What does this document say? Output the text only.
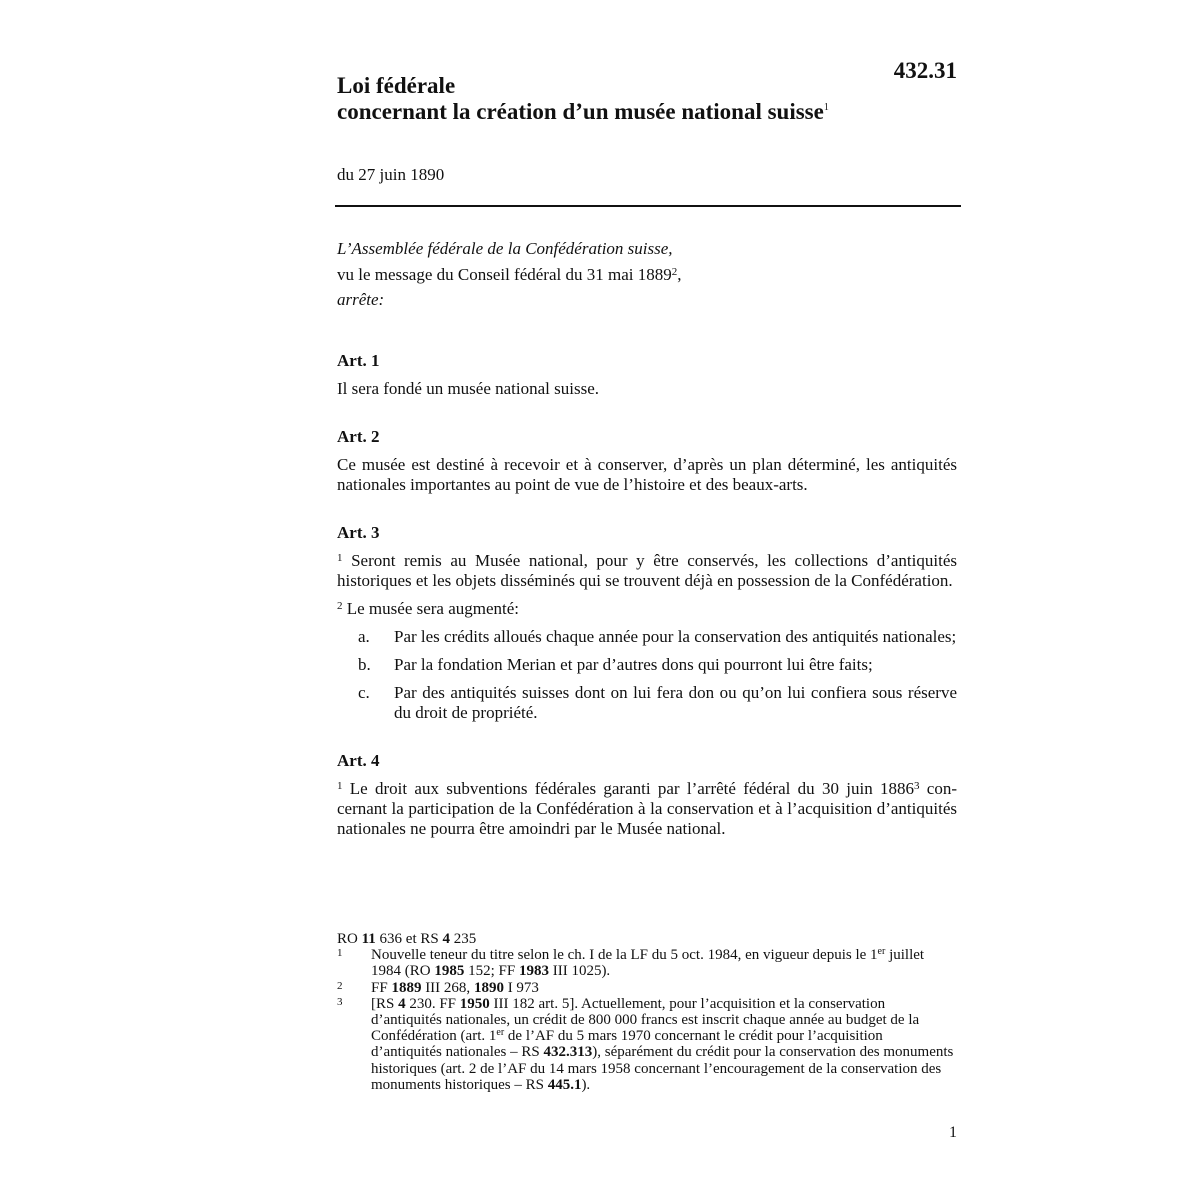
432.31
Loi fédérale
concernant la création d’un musée national suisse$^1$
du 27 juin 1890
L’Assemblée fédérale de la Confédération suisse,
vu le message du Conseil fédéral du 31 mai 1889$^2$,
arrête:

Art. 1

Il sera fondé un musée national suisse.

Art. 2

Ce musée est destiné à recevoir et à conserver, d’après un plan déterminé, les antiquités nationales importantes au point de vue de l’histoire et des beaux-arts.

Art. 3

$^1$ Seront remis au Musée national, pour y être conservés, les collections d’antiquités historiques et les objets disséminés qui se trouvent déjà en possession de la Confédération.

$^2$ Le musée sera augmenté:

a. Par les crédits alloués chaque année pour la conservation des antiquités nationales;
b. Par la fondation Merian et par d’autres dons qui pourront lui être faits;
c. Par des antiquités suisses dont on lui fera don ou qu’on lui confiera sous réserve du droit de propriété.

Art. 4

$^1$ Le droit aux subventions fédérales garanti par l’arrêté fédéral du 30 juin 1886$^3$ concernant la participation de la Confédération à la conservation et à l’acquisition d’antiquités nationales ne pourra être amoindri par le Musée national.

RO 11 636 et RS 4 235

1 Nouvelle teneur du titre selon le ch. I de la LF du 5 oct. 1984, en vigueur depuis le 1er juillet 1984 (RO 1985 152; FF 1983 III 1025).
2 FF 1889 III 268, 1890 I 973
3 [RS 4 230. FF 1950 III 182 art. 5]. Actuellement, pour l’acquisition et la conservation d’antiquités nationales, un crédit de 800 000 francs est inscrit chaque année au budget de la Confédération (art. 1er de l’AF du 5 mars 1970 concernant le crédit pour l’acquisition d’antiquités nationales – RS 432.313), séparément du crédit pour la conservation des monuments historiques (art. 2 de l’AF du 14 mars 1958 concernant l’encouragement de la conservation des monuments historiques – RS 445.1).
1
